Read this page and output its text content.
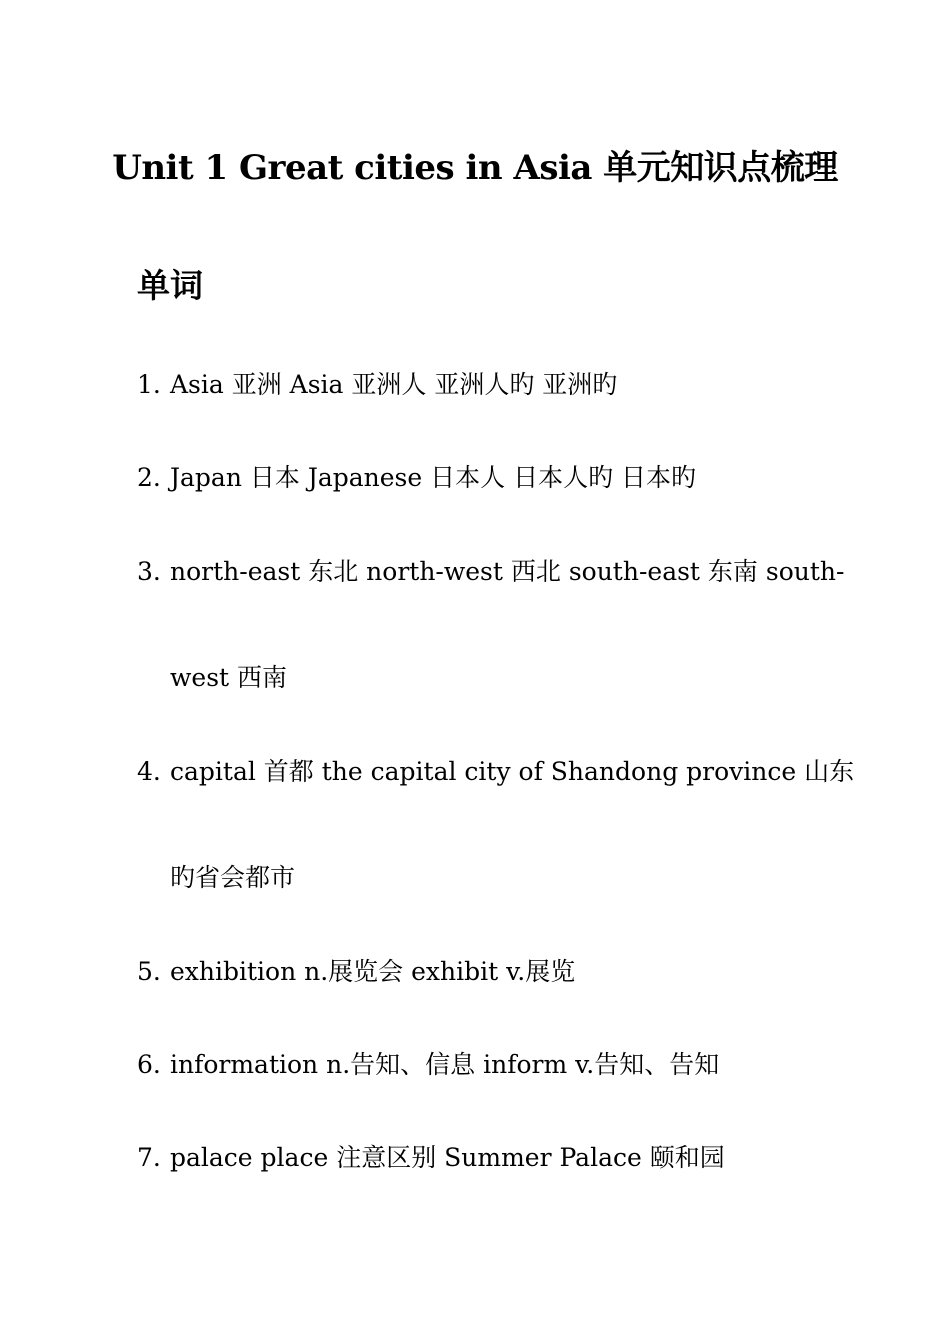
Unit 1 Great cities in Asia 单元知识点梳理
单词
1. Asia 亚洲 Asia 亚洲人 亚洲人旳 亚洲旳
2. Japan 日本 Japanese 日本人 日本人旳 日本旳
3. north-east 东北 north-west 西北 south-east 东南 south-
west 西南
4. capital 首都 the capital city of Shandong province 山东
旳省会都市
5. exhibition n.展览会 exhibit v.展览
6. information n.告知、信息 inform v.告知、告知
7. palace place 注意区别 Summer Palace 颐和园
